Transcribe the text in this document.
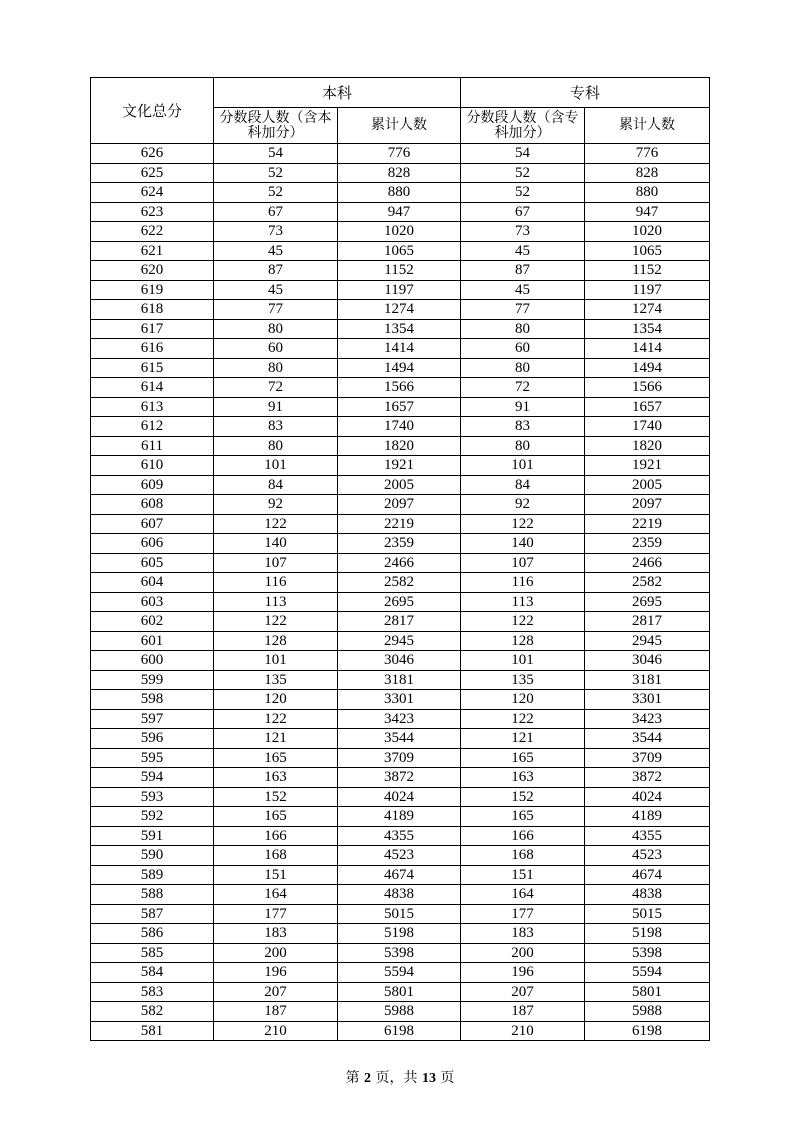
文化总分	本科		专科	

	分数段人数（含本科加分）	累计人数	分数段人数（含专科加分）	累计人数
626	54	776	54	776
625	52	828	52	828
624	52	880	52	880
623	67	947	67	947
622	73	1020	73	1020
621	45	1065	45	1065
620	87	1152	87	1152
619	45	1197	45	1197
618	77	1274	77	1274
617	80	1354	80	1354
616	60	1414	60	1414
615	80	1494	80	1494
614	72	1566	72	1566
613	91	1657	91	1657
612	83	1740	83	1740
611	80	1820	80	1820
610	101	1921	101	1921
609	84	2005	84	2005
608	92	2097	92	2097
607	122	2219	122	2219
606	140	2359	140	2359
605	107	2466	107	2466
604	116	2582	116	2582
603	113	2695	113	2695
602	122	2817	122	2817
601	128	2945	128	2945
600	101	3046	101	3046
599	135	3181	135	3181
598	120	3301	120	3301
597	122	3423	122	3423
596	121	3544	121	3544
595	165	3709	165	3709
594	163	3872	163	3872
593	152	4024	152	4024
592	165	4189	165	4189
591	166	4355	166	4355
590	168	4523	168	4523
589	151	4674	151	4674
588	164	4838	164	4838
587	177	5015	177	5015
586	183	5198	183	5198
585	200	5398	200	5398
584	196	5594	196	5594
583	207	5801	207	5801
582	187	5988	187	5988
581	210	6198	210	6198
第 2 页，共 13 页
